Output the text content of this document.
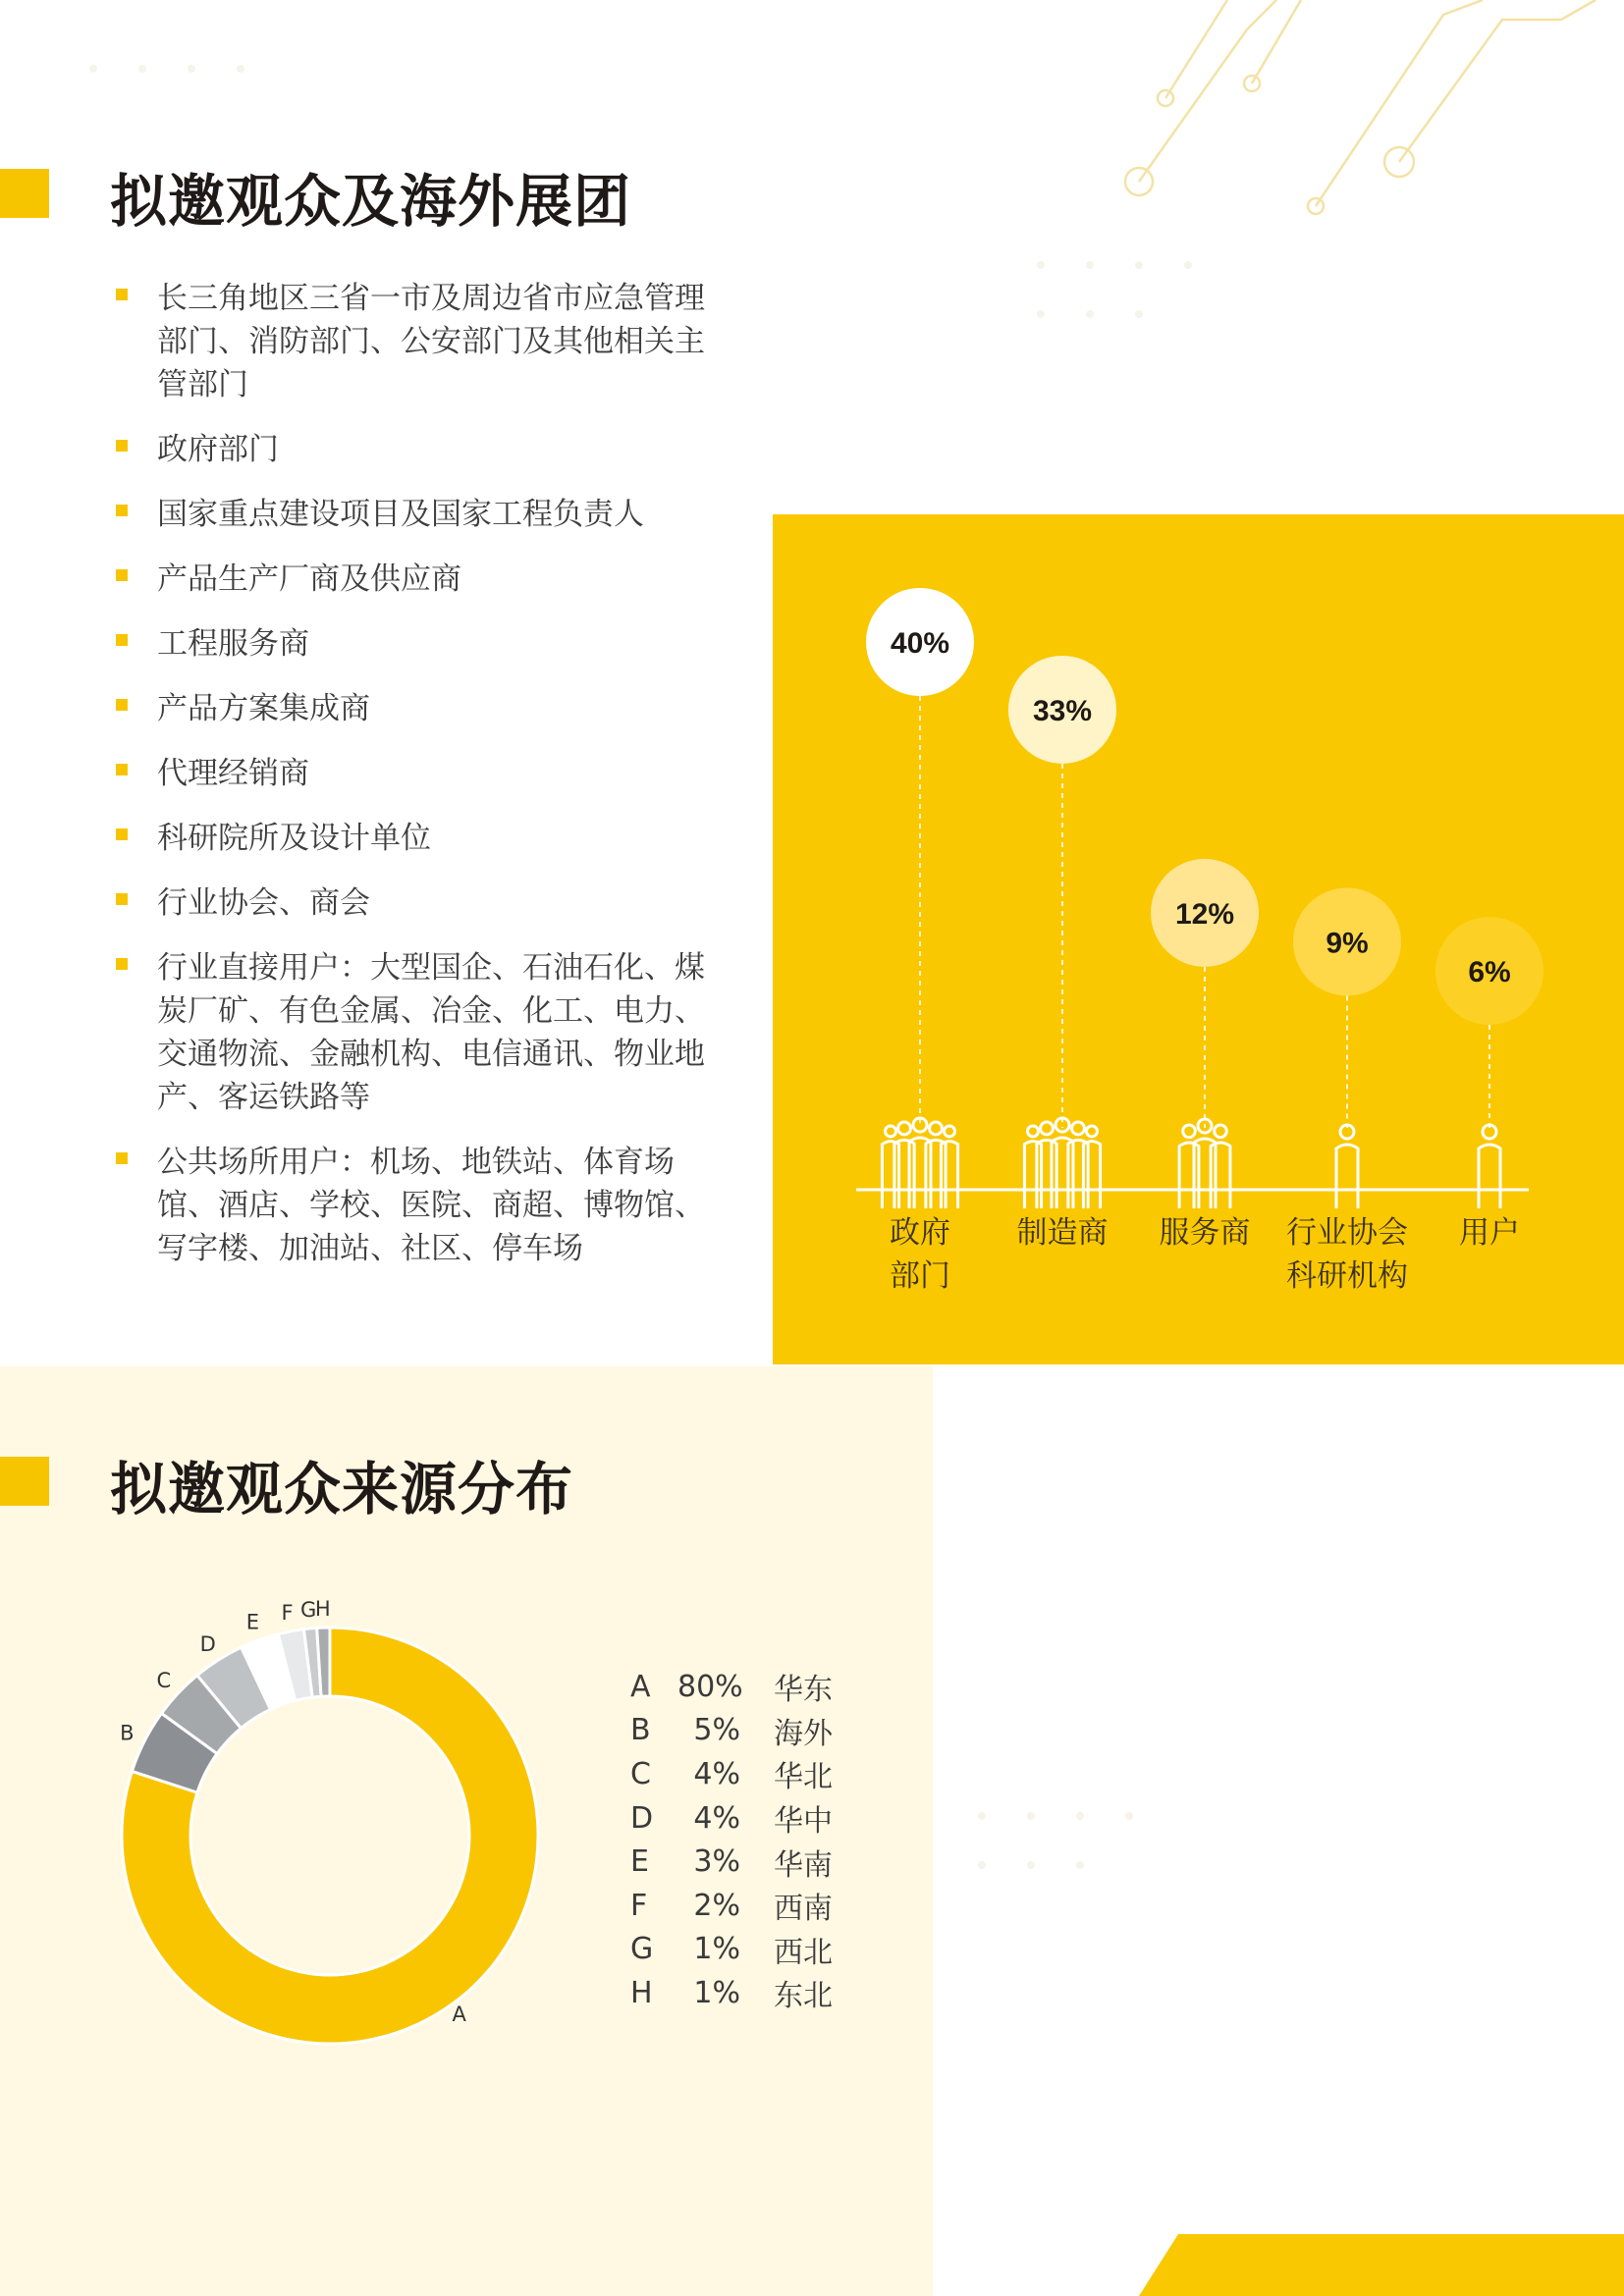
拟邀观众及海外展团
长三角地区三省一市及周边省市应急管理部门、消防部门、公安部门及其他相关主管部门
政府部门
国家重点建设项目及国家工程负责人
产品生产厂商及供应商
工程服务商
产品方案集成商
代理经销商
科研院所及设计单位
行业协会、商会
行业直接用户：大型国企、石油石化、煤炭厂矿、有色金属、冶金、化工、电力、交通物流、金融机构、电信通讯、物业地产、客运铁路等
公共场所用户：机场、地铁站、体育场馆、酒店、学校、医院、商超、博物馆、写字楼、加油站、社区、停车场
40%
政府
部门
33%
制造商
12%
服务商
9%
行业协会
科研机构
6%
用户
拟邀观众来源分布
A
B
C
D
E F G
H
A 80% 华东
B	5% 海外
C	4% 华北
D	4% 华中
E	3% 华南
F	2% 西南
G	1% 西北
H	1% 东北
